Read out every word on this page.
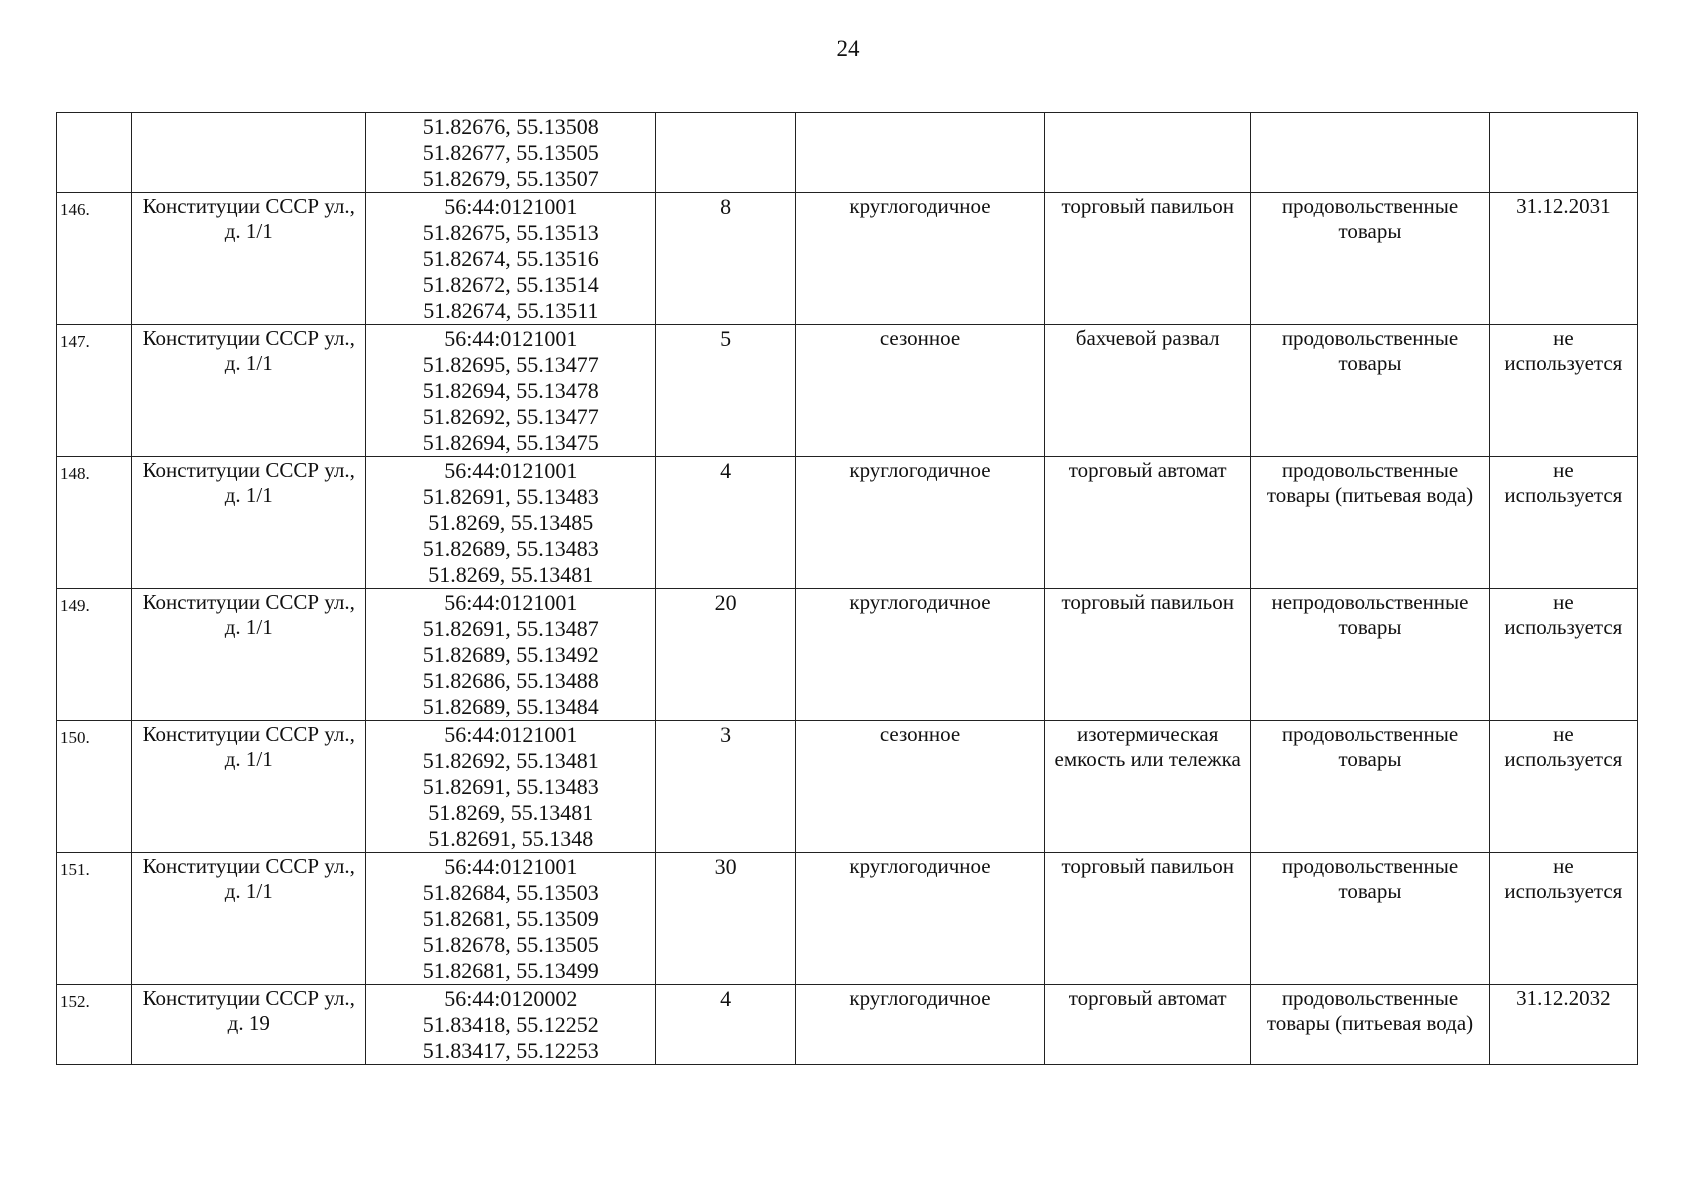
24

		51.82676, 55.13508
51.82677, 55.13505
51.82679, 55.13507					

146.	Конституции СССР ул., д. 1/1	56:44:0121001
51.82675, 55.13513
51.82674, 55.13516
51.82672, 55.13514
51.82674, 55.13511	8	круглогодичное	торговый павильон	продовольственные товары	31.12.2031
147.	Конституции СССР ул., д. 1/1	56:44:0121001
51.82695, 55.13477
51.82694, 55.13478
51.82692, 55.13477
51.82694, 55.13475	5	сезонное	бахчевой развал	продовольственные товары	не используется
148.	Конституции СССР ул., д. 1/1	56:44:0121001
51.82691, 55.13483
51.8269, 55.13485
51.82689, 55.13483
51.8269, 55.13481	4	круглогодичное	торговый автомат	продовольственные товары (питьевая вода)	не используется
149.	Конституции СССР ул., д. 1/1	56:44:0121001
51.82691, 55.13487
51.82689, 55.13492
51.82686, 55.13488
51.82689, 55.13484	20	круглогодичное	торговый павильон	непродовольственные товары	не используется
150.	Конституции СССР ул., д. 1/1	56:44:0121001
51.82692, 55.13481
51.82691, 55.13483
51.8269, 55.13481
51.82691, 55.1348	3	сезонное	изотермическая емкость или тележка	продовольственные товары	не используется
151.	Конституции СССР ул., д. 1/1	56:44:0121001
51.82684, 55.13503
51.82681, 55.13509
51.82678, 55.13505
51.82681, 55.13499	30	круглогодичное	торговый павильон	продовольственные товары	не используется
152.	Конституции СССР ул., д. 19	56:44:0120002
51.83418, 55.12252
51.83417, 55.12253	4	круглогодичное	торговый автомат	продовольственные товары (питьевая вода)	31.12.2032
